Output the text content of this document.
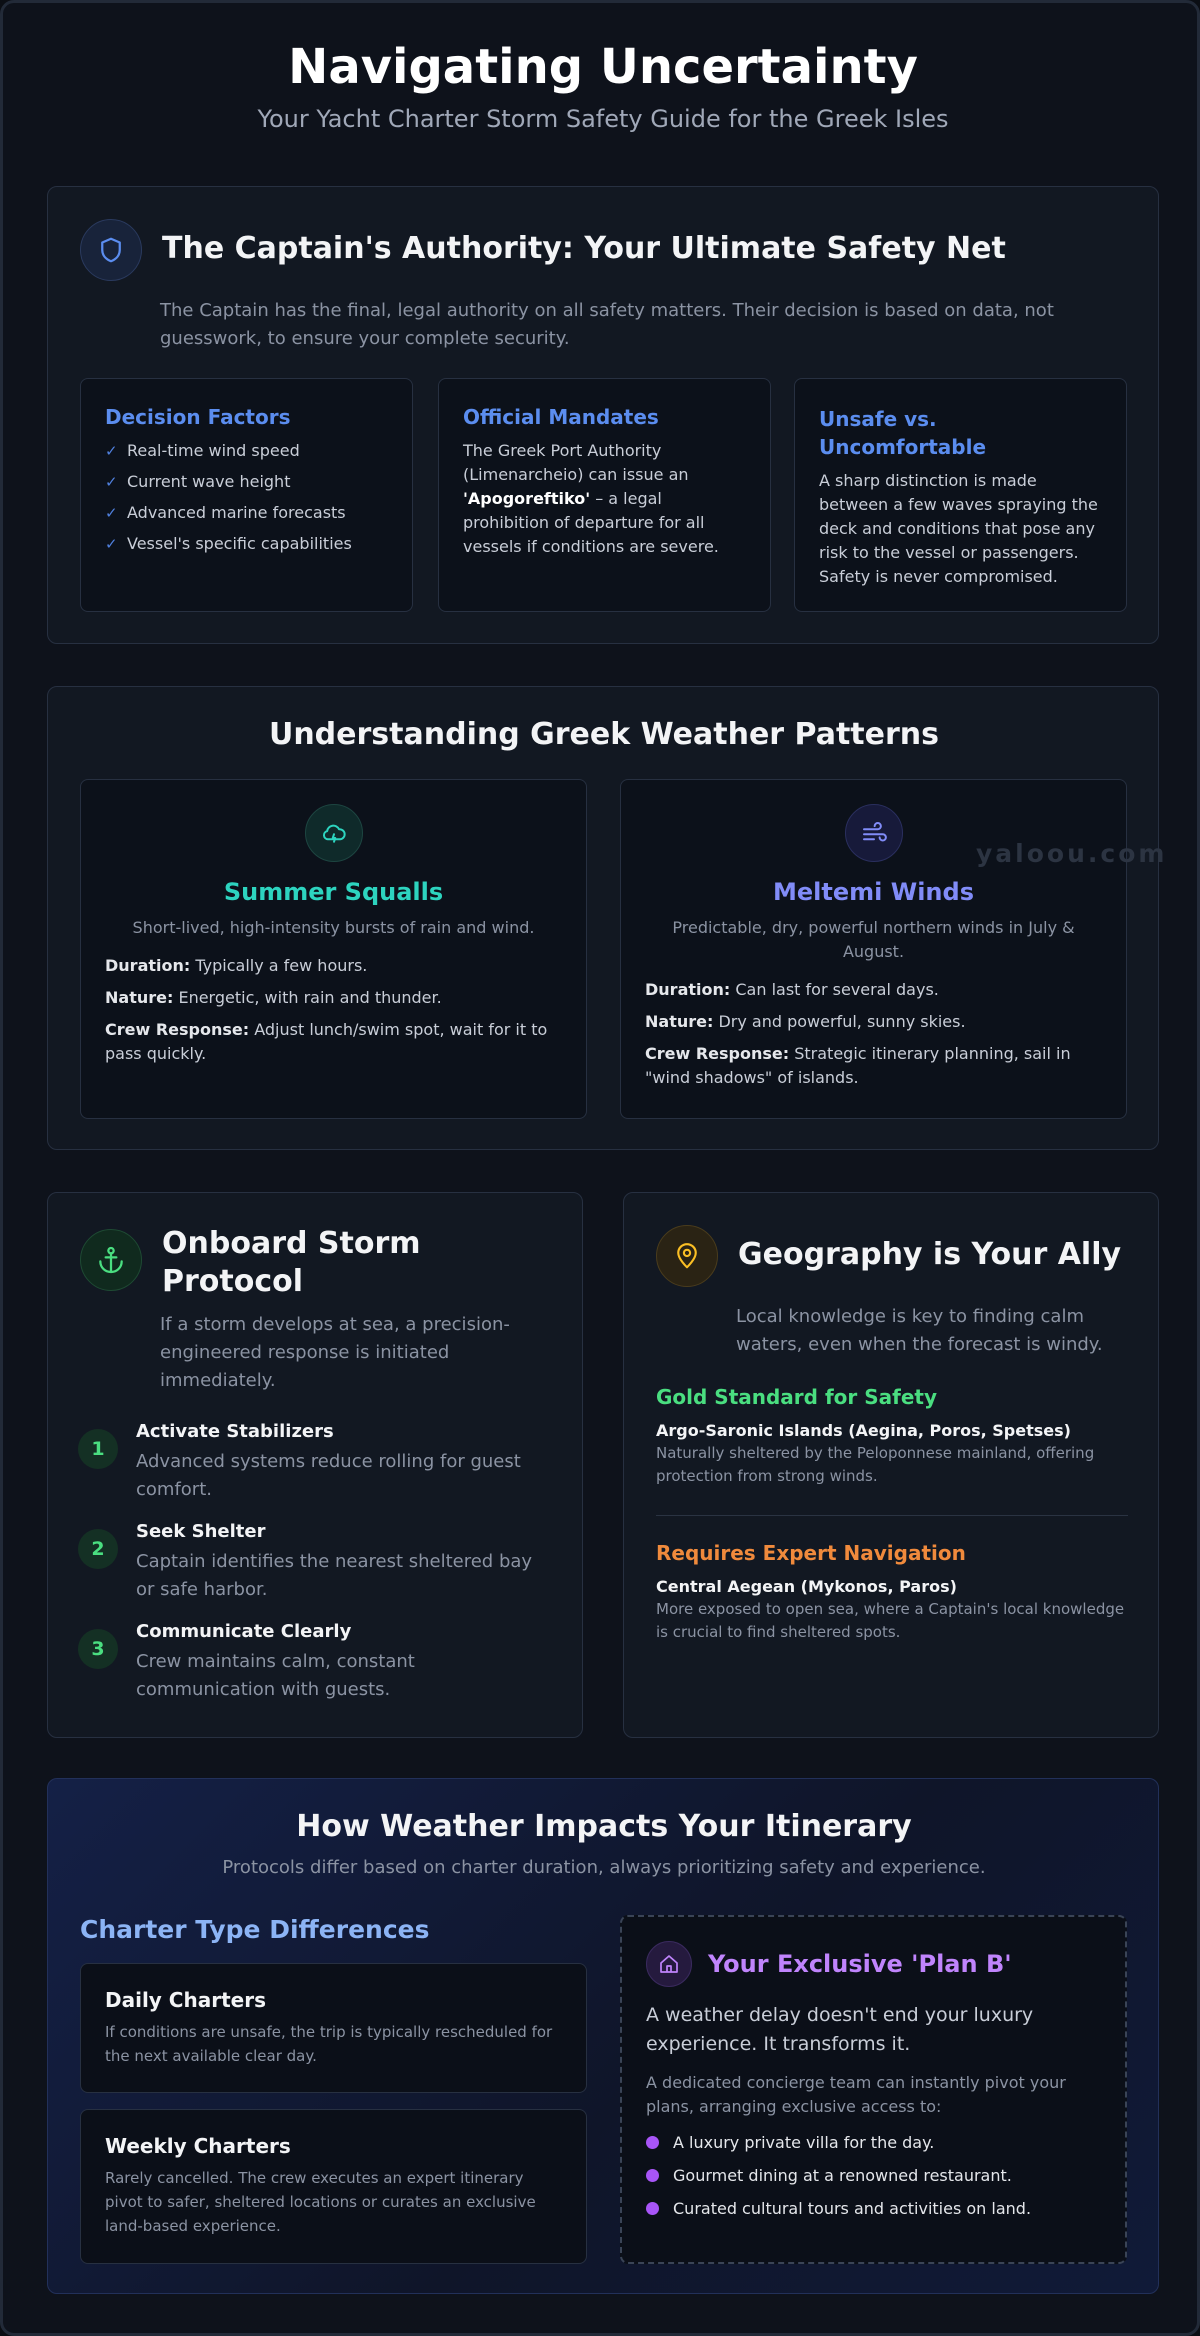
Navigating Uncertainty

Your Yacht Charter Storm Safety Guide for the Greek Isles

The Captain's Authority: Your Ultimate Safety Net
The Captain has the final, legal authority on all safety matters. Their decision is based on data, not guesswork, to ensure your complete security.
Decision Factors
✓ Real-time wind speed
✓ Current wave height
✓ Advanced marine forecasts
✓ Vessel's specific capabilities
Official Mandates
The Greek Port Authority (Limenarcheio) can issue an 'Apogoreftiko' – a legal prohibition of departure for all vessels if conditions are severe.
Unsafe vs. Uncomfortable
A sharp distinction is made between a few waves spraying the deck and conditions that pose any risk to the vessel or passengers. Safety is never compromised.
Understanding Greek Weather Patterns
Summer Squalls
Short-lived, high-intensity bursts of rain and wind.
Duration: Typically a few hours.
Nature: Energetic, with rain and thunder.
Crew Response: Adjust lunch/swim spot, wait for it to pass quickly.
Meltemi Winds
Predictable, dry, powerful northern winds in July & August.
Duration: Can last for several days.
Nature: Dry and powerful, sunny skies.
Crew Response: Strategic itinerary planning, sail in "wind shadows" of islands.
yaloou.com
Onboard Storm Protocol
If a storm develops at sea, a precision-engineered response is initiated immediately.
1
Activate Stabilizers
Advanced systems reduce rolling for guest comfort.
2
Seek Shelter
Captain identifies the nearest sheltered bay or safe harbor.
3
Communicate Clearly
Crew maintains calm, constant communication with guests.
Geography is Your Ally
Local knowledge is key to finding calm waters, even when the forecast is windy.
Gold Standard for Safety
Argo-Saronic Islands (Aegina, Poros, Spetses)
Naturally sheltered by the Peloponnese mainland, offering protection from strong winds.
Requires Expert Navigation
Central Aegean (Mykonos, Paros)
More exposed to open sea, where a Captain's local knowledge is crucial to find sheltered spots.
How Weather Impacts Your Itinerary
Protocols differ based on charter duration, always prioritizing safety and experience.
Charter Type Differences
Daily Charters
If conditions are unsafe, the trip is typically rescheduled for the next available clear day.
Weekly Charters
Rarely cancelled. The crew executes an expert itinerary pivot to safer, sheltered locations or curates an exclusive land-based experience.
Your Exclusive 'Plan B'
A weather delay doesn't end your luxury experience. It transforms it.
A dedicated concierge team can instantly pivot your plans, arranging exclusive access to:
A luxury private villa for the day.
Gourmet dining at a renowned restaurant.
Curated cultural tours and activities on land.
